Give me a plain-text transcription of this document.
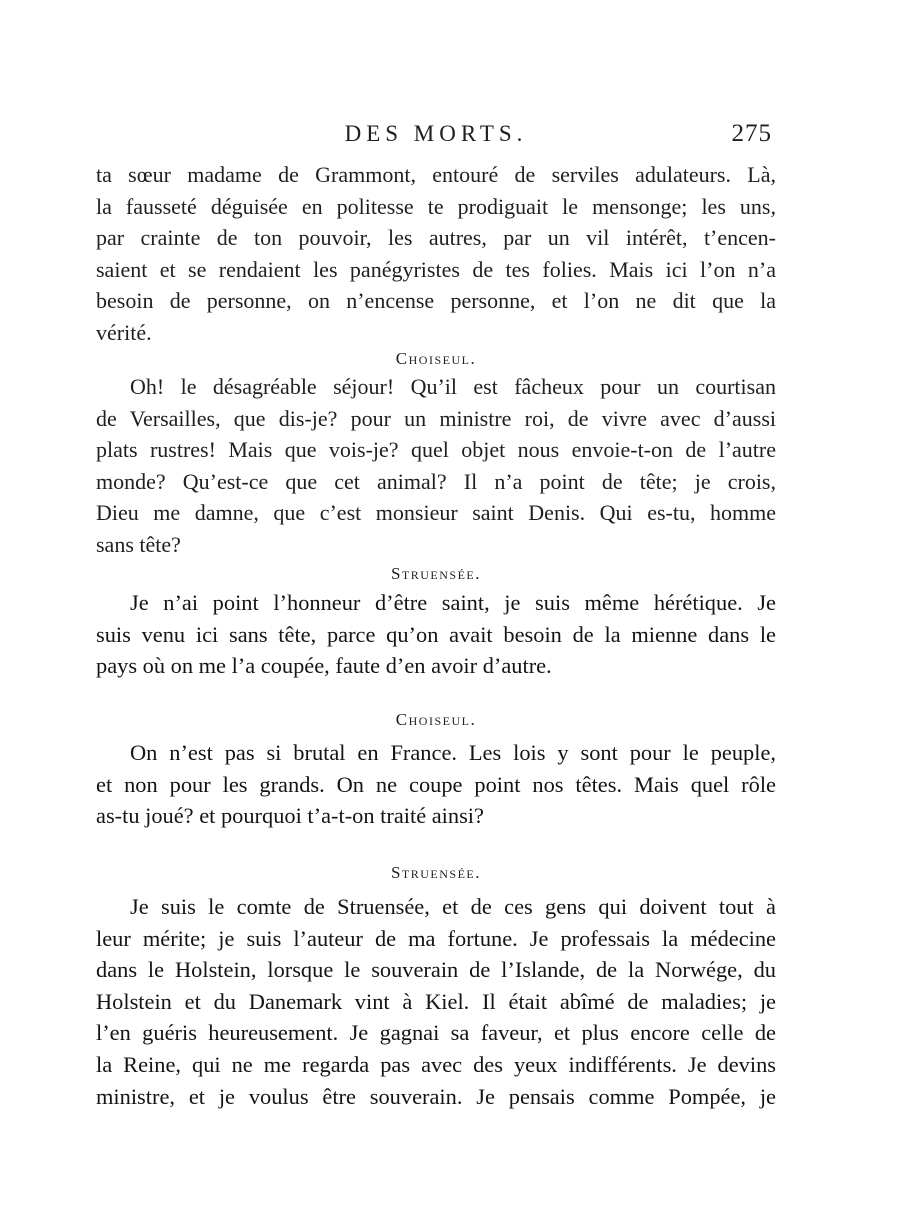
DES MORTS.	275
ta sœur madame de Grammont, entouré de serviles adulateurs. Là,
la fausseté déguisée en politesse te prodiguait le mensonge; les uns,
par crainte de ton pouvoir, les autres, par un vil intérêt, t’encen-
saient et se rendaient les panégyristes de tes folies. Mais ici l’on n’a
besoin de personne, on n’encense personne, et l’on ne dit que la
vérité.
Choiseul.
Oh! le désagréable séjour! Qu’il est fâcheux pour un courtisan
de Versailles, que dis-je? pour un ministre roi, de vivre avec d’aussi
plats rustres! Mais que vois-je? quel objet nous envoie-t-on de l’autre
monde? Qu’est-ce que cet animal? Il n’a point de tête; je crois,
Dieu me damne, que c’est monsieur saint Denis. Qui es-tu, homme
sans tête?
Struensée.
Je n’ai point l’honneur d’être saint, je suis même hérétique. Je
suis venu ici sans tête, parce qu’on avait besoin de la mienne dans le
pays où on me l’a coupée, faute d’en avoir d’autre.
Choiseul.
On n’est pas si brutal en France. Les lois y sont pour le peuple,
et non pour les grands. On ne coupe point nos têtes. Mais quel rôle
as-tu joué? et pourquoi t’a-t-on traité ainsi?
Struensée.
Je suis le comte de Struensée, et de ces gens qui doivent tout à
leur mérite; je suis l’auteur de ma fortune. Je professais la médecine
dans le Holstein, lorsque le souverain de l’Islande, de la Norwége, du
Holstein et du Danemark vint à Kiel. Il était abîmé de maladies; je
l’en guéris heureusement. Je gagnai sa faveur, et plus encore celle de
la Reine, qui ne me regarda pas avec des yeux indifférents. Je devins
ministre, et je voulus être souverain. Je pensais comme Pompée, je
